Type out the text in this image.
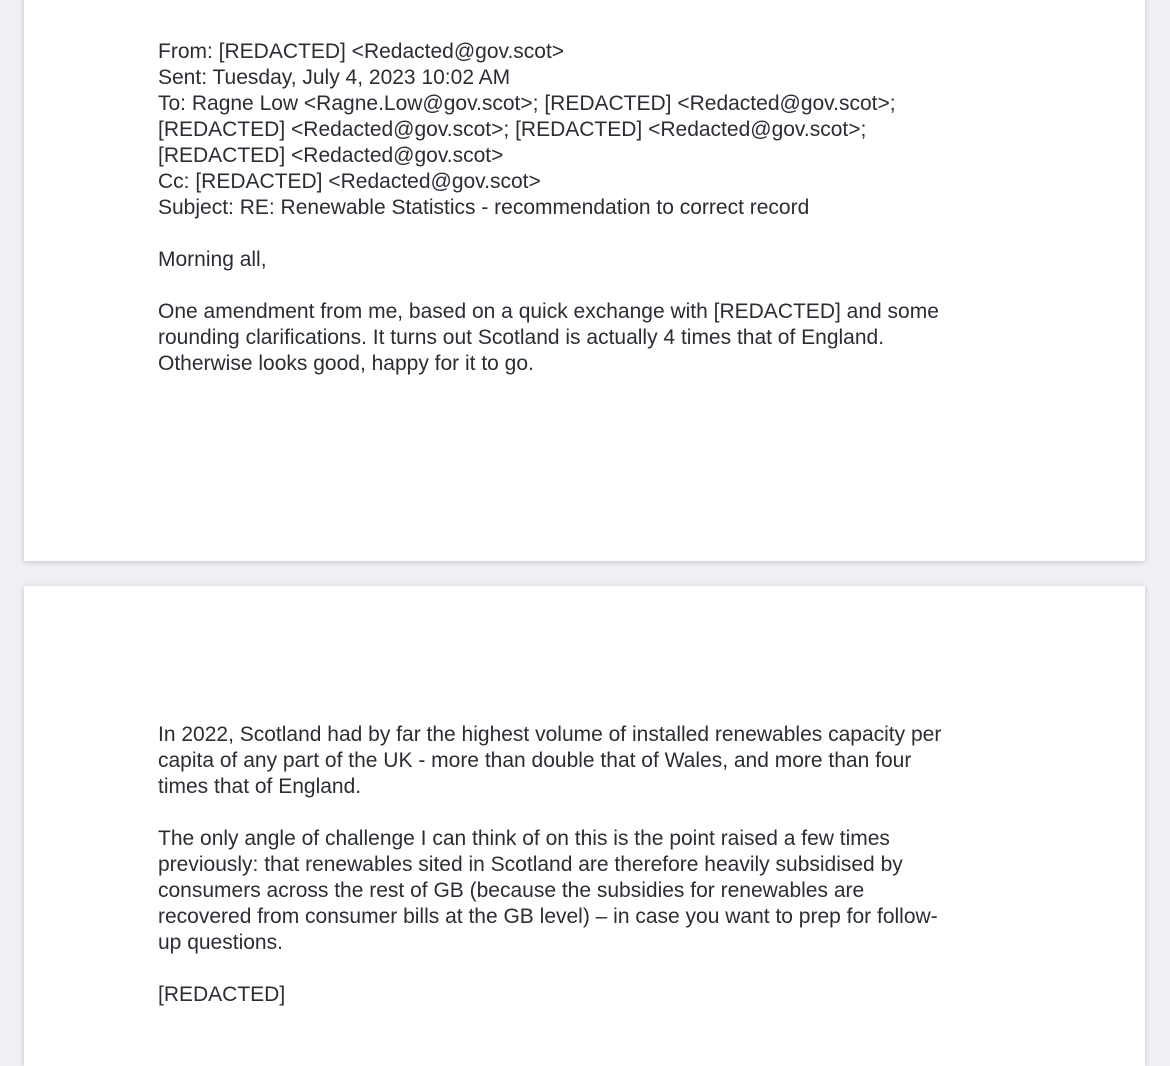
From: [REDACTED] <Redacted@gov.scot>
Sent: Tuesday, July 4, 2023 10:02 AM
To: Ragne Low <Ragne.Low@gov.scot>; [REDACTED] <Redacted@gov.scot>;
[REDACTED] <Redacted@gov.scot>; [REDACTED] <Redacted@gov.scot>;
[REDACTED] <Redacted@gov.scot>
Cc: [REDACTED] <Redacted@gov.scot>
Subject: RE: Renewable Statistics - recommendation to correct record
Morning all,
One amendment from me, based on a quick exchange with [REDACTED] and some
rounding clarifications. It turns out Scotland is actually 4 times that of England.
Otherwise looks good, happy for it to go.
In 2022, Scotland had by far the highest volume of installed renewables capacity per
capita of any part of the UK - more than double that of Wales, and more than four
times that of England.
The only angle of challenge I can think of on this is the point raised a few times
previously: that renewables sited in Scotland are therefore heavily subsidised by
consumers across the rest of GB (because the subsidies for renewables are
recovered from consumer bills at the GB level) – in case you want to prep for follow-
up questions.
[REDACTED]
